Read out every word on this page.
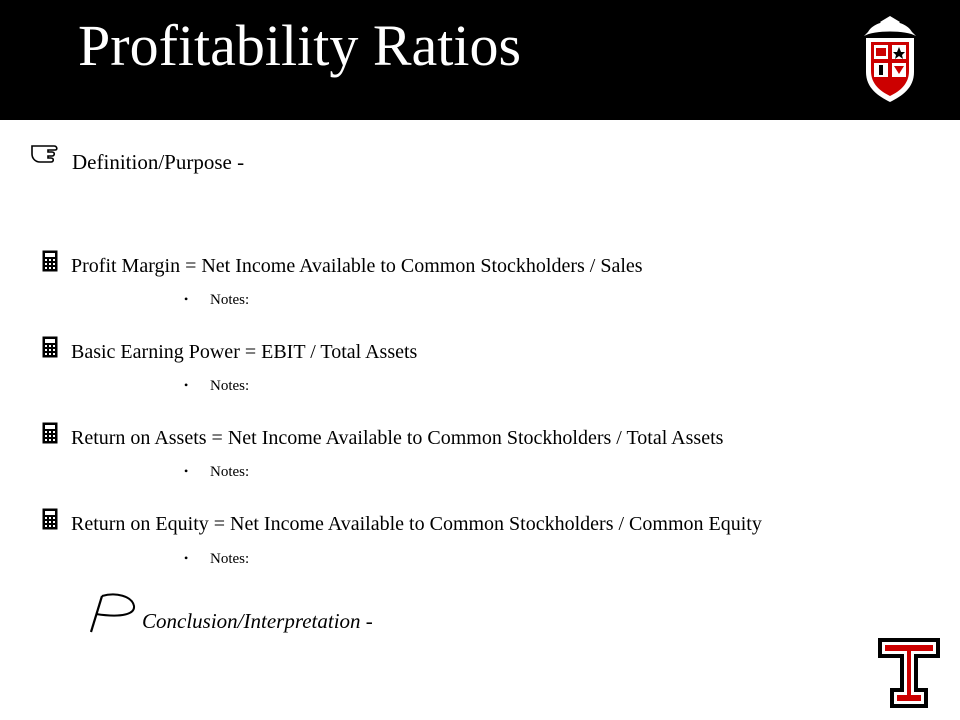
Profitability Ratios
Definition/Purpose -
Profit Margin = Net Income Available to Common Stockholders / Sales
• Notes:
Basic Earning Power = EBIT / Total Assets
• Notes:
Return on Assets = Net Income Available to Common Stockholders / Total Assets
• Notes:
Return on Equity = Net Income Available to Common Stockholders / Common Equity
• Notes:
Conclusion/Interpretation -
